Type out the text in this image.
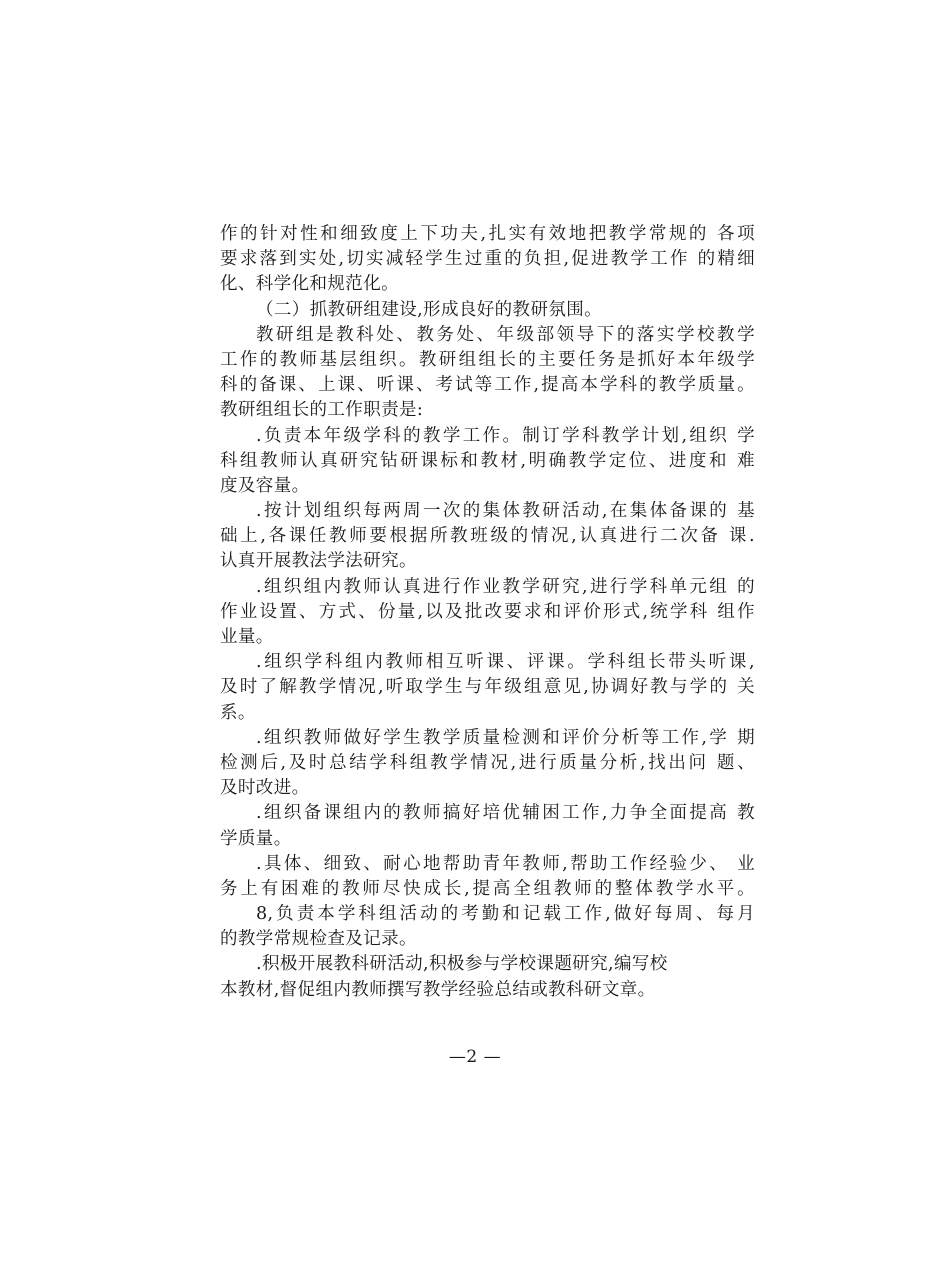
作的针对性和细致度上下功夫,扎实有效地把教学常规的 各项
要求落到实处,切实减轻学生过重的负担,促进教学工作 的精细
化、科学化和规范化。
（二）抓教研组建设,形成良好的教研氛围。
教研组是教科处、教务处、年级部领导下的落实学校教学
工作的教师基层组织。教研组组长的主要任务是抓好本年级学
科的备课、上课、听课、考试等工作,提高本学科的教学质量。
教研组组长的工作职责是:
.负责本年级学科的教学工作。制订学科教学计划,组织 学
科组教师认真研究钻研课标和教材,明确教学定位、进度和 难
度及容量。
.按计划组织每两周一次的集体教研活动,在集体备课的 基
础上,各课任教师要根据所教班级的情况,认真进行二次备 课.
认真开展教法学法研究。
.组织组内教师认真进行作业教学研究,进行学科单元组 的
作业设置、方式、份量,以及批改要求和评价形式,统学科 组作
业量。
.组织学科组内教师相互听课、评课。学科组长带头听课,
及时了解教学情况,听取学生与年级组意见,协调好教与学的 关
系。
.组织教师做好学生教学质量检测和评价分析等工作,学 期
检测后,及时总结学科组教学情况,进行质量分析,找出问 题、
及时改进。
.组织备课组内的教师搞好培优辅困工作,力争全面提高 教
学质量。
.具体、细致、耐心地帮助青年教师,帮助工作经验少、 业
务上有困难的教师尽快成长,提高全组教师的整体教学水平。
8,负责本学科组活动的考勤和记载工作,做好每周、每月
的教学常规检查及记录。
.积极开展教科研活动,积极参与学校课题研究,编写校
本教材,督促组内教师撰写教学经验总结或教科研文章。
—2 —
